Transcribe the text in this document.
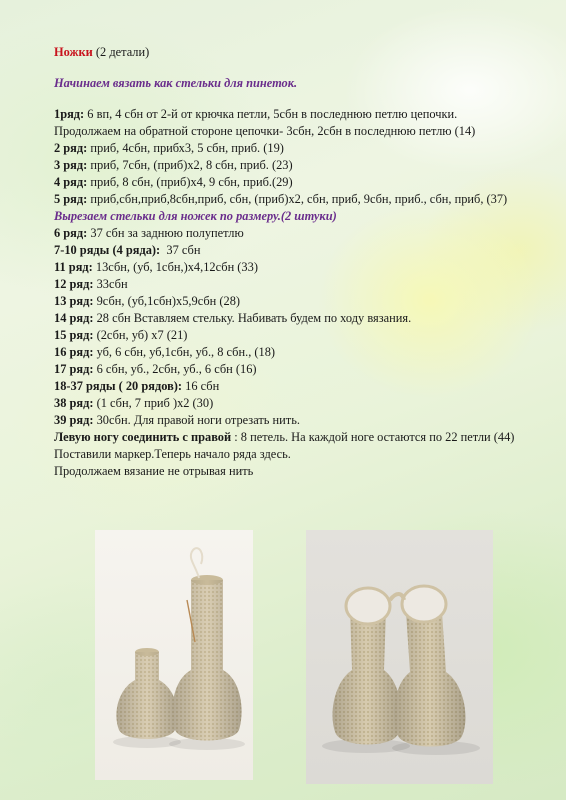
Ножки (2 детали)

Начинаем вязать как стельки для пинеток.

1ряд: 6 вп, 4 сбн от 2-й от крючка петли, 5сбн в последнюю петлю цепочки. Продолжаем на обратной стороне цепочки- 3сбн, 2сбн в последнюю петлю (14)

2 ряд: приб, 4сбн, прибх3, 5 сбн, приб. (19)

3 ряд: приб, 7сбн, (приб)х2, 8 сбн, приб. (23)

4 ряд: приб, 8 сбн, (приб)х4, 9 сбн, приб.(29)

5 ряд: приб,сбн,приб,8сбн,приб, сбн, (приб)х2, сбн, приб, 9сбн, приб., сбн, приб, (37)

Вырезаем стельки для ножек по размеру.(2 штуки)

6 ряд: 37 сбн за заднюю полупетлю

7-10 ряды (4 ряда): 37 сбн

11 ряд: 13сбн, (уб, 1сбн,)х4,12сбн (33)

12 ряд: 33сбн

13 ряд: 9сбн, (уб,1сбн)х5,9сбн (28)

14 ряд: 28 сбн Вставляем стельку. Набивать будем по ходу вязания.

15 ряд: (2сбн, уб) х7 (21)

16 ряд: уб, 6 сбн, уб,1сбн, уб., 8 сбн., (18)

17 ряд: 6 сбн, уб., 2сбн, уб., 6 сбн (16)

18-37 ряды ( 20 рядов): 16 сбн

38 ряд: (1 сбн, 7 приб )х2 (30)

39 ряд: 30сбн. Для правой ноги отрезать нить.

Левую ногу соединить с правой : 8 петель. На каждой ноге остаются по 22 петли (44)

Поставили маркер.Теперь начало ряда здесь.

Продолжаем вязание не отрывая нить
